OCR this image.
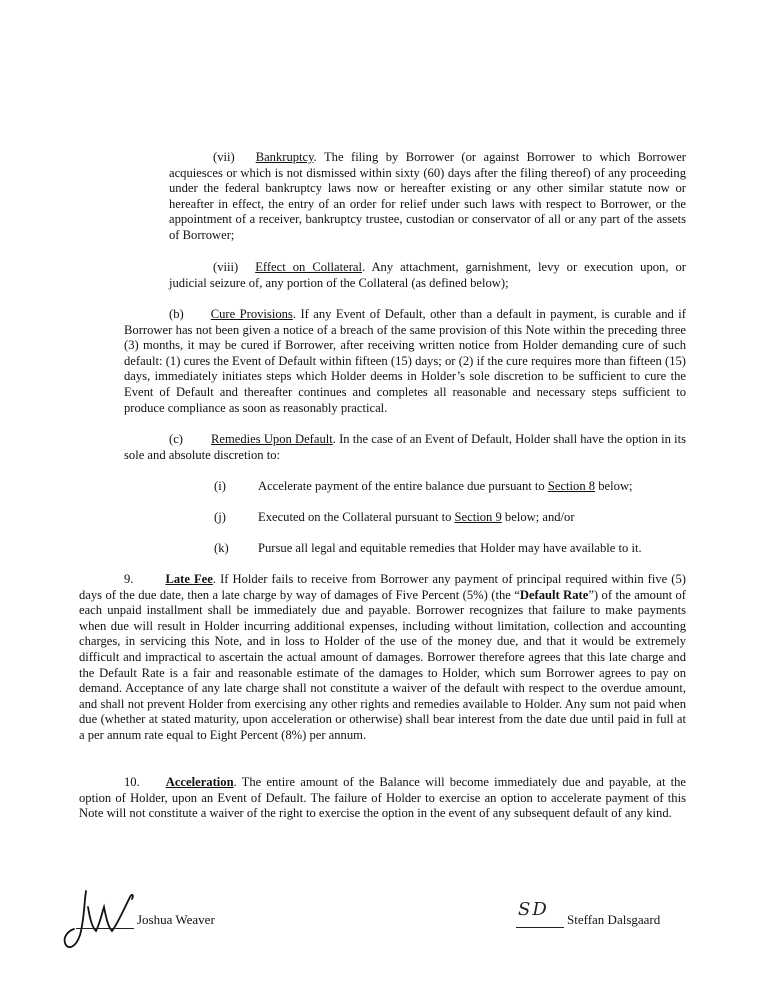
(vii) Bankruptcy. The filing by Borrower (or against Borrower to which Borrower acquiesces or which is not dismissed within sixty (60) days after the filing thereof) of any proceeding under the federal bankruptcy laws now or hereafter existing or any other similar statute now or hereafter in effect, the entry of an order for relief under such laws with respect to Borrower, or the appointment of a receiver, bankruptcy trustee, custodian or conservator of all or any part of the assets of Borrower;

(viii) Effect on Collateral. Any attachment, garnishment, levy or execution upon, or judicial seizure of, any portion of the Collateral (as defined below);

(b) Cure Provisions. If any Event of Default, other than a default in payment, is curable and if Borrower has not been given a notice of a breach of the same provision of this Note within the preceding three (3) months, it may be cured if Borrower, after receiving written notice from Holder demanding cure of such default: (1) cures the Event of Default within fifteen (15) days; or (2) if the cure requires more than fifteen (15) days, immediately initiates steps which Holder deems in Holder’s sole discretion to be sufficient to cure the Event of Default and thereafter continues and completes all reasonable and necessary steps sufficient to produce compliance as soon as reasonably practical.

(c) Remedies Upon Default. In the case of an Event of Default, Holder shall have the option in its sole and absolute discretion to:

(i)	Accelerate payment of the entire balance due pursuant to Section 8 below;
(j)	Executed on the Collateral pursuant to Section 9 below; and/or
(k) Pursue all legal and equitable remedies that Holder may have available to it.

9.	Late Fee. If Holder fails to receive from Borrower any payment of principal required within five (5) days of the due date, then a late charge by way of damages of Five Percent (5%) (the “Default Rate”) of the amount of each unpaid installment shall be immediately due and payable. Borrower recognizes that failure to make payments when due will result in Holder incurring additional expenses, including without limitation, collection and accounting charges, in servicing this Note, and in loss to Holder of the use of the money due, and that it would be extremely difficult and impractical to ascertain the actual amount of damages. Borrower therefore agrees that this late charge and the Default Rate is a fair and reasonable estimate of the damages to Holder, which sum Borrower agrees to pay on demand. Acceptance of any late charge shall not constitute a waiver of the default with respect to the overdue amount, and shall not prevent Holder from exercising any other rights and remedies available to Holder. Any sum not paid when due (whether at stated maturity, upon acceleration or otherwise) shall bear interest from the date due until paid in full at a per annum rate equal to Eight Percent (8%) per annum.

10. Acceleration. The entire amount of the Balance will become immediately due and payable, at the option of Holder, upon an Event of Default. The failure of Holder to exercise an option to accelerate payment of this Note will not constitute a waiver of the right to exercise the option in the event of any subsequent default of any kind.

Joshua Weaver	SD Steffan Dalsgaard
